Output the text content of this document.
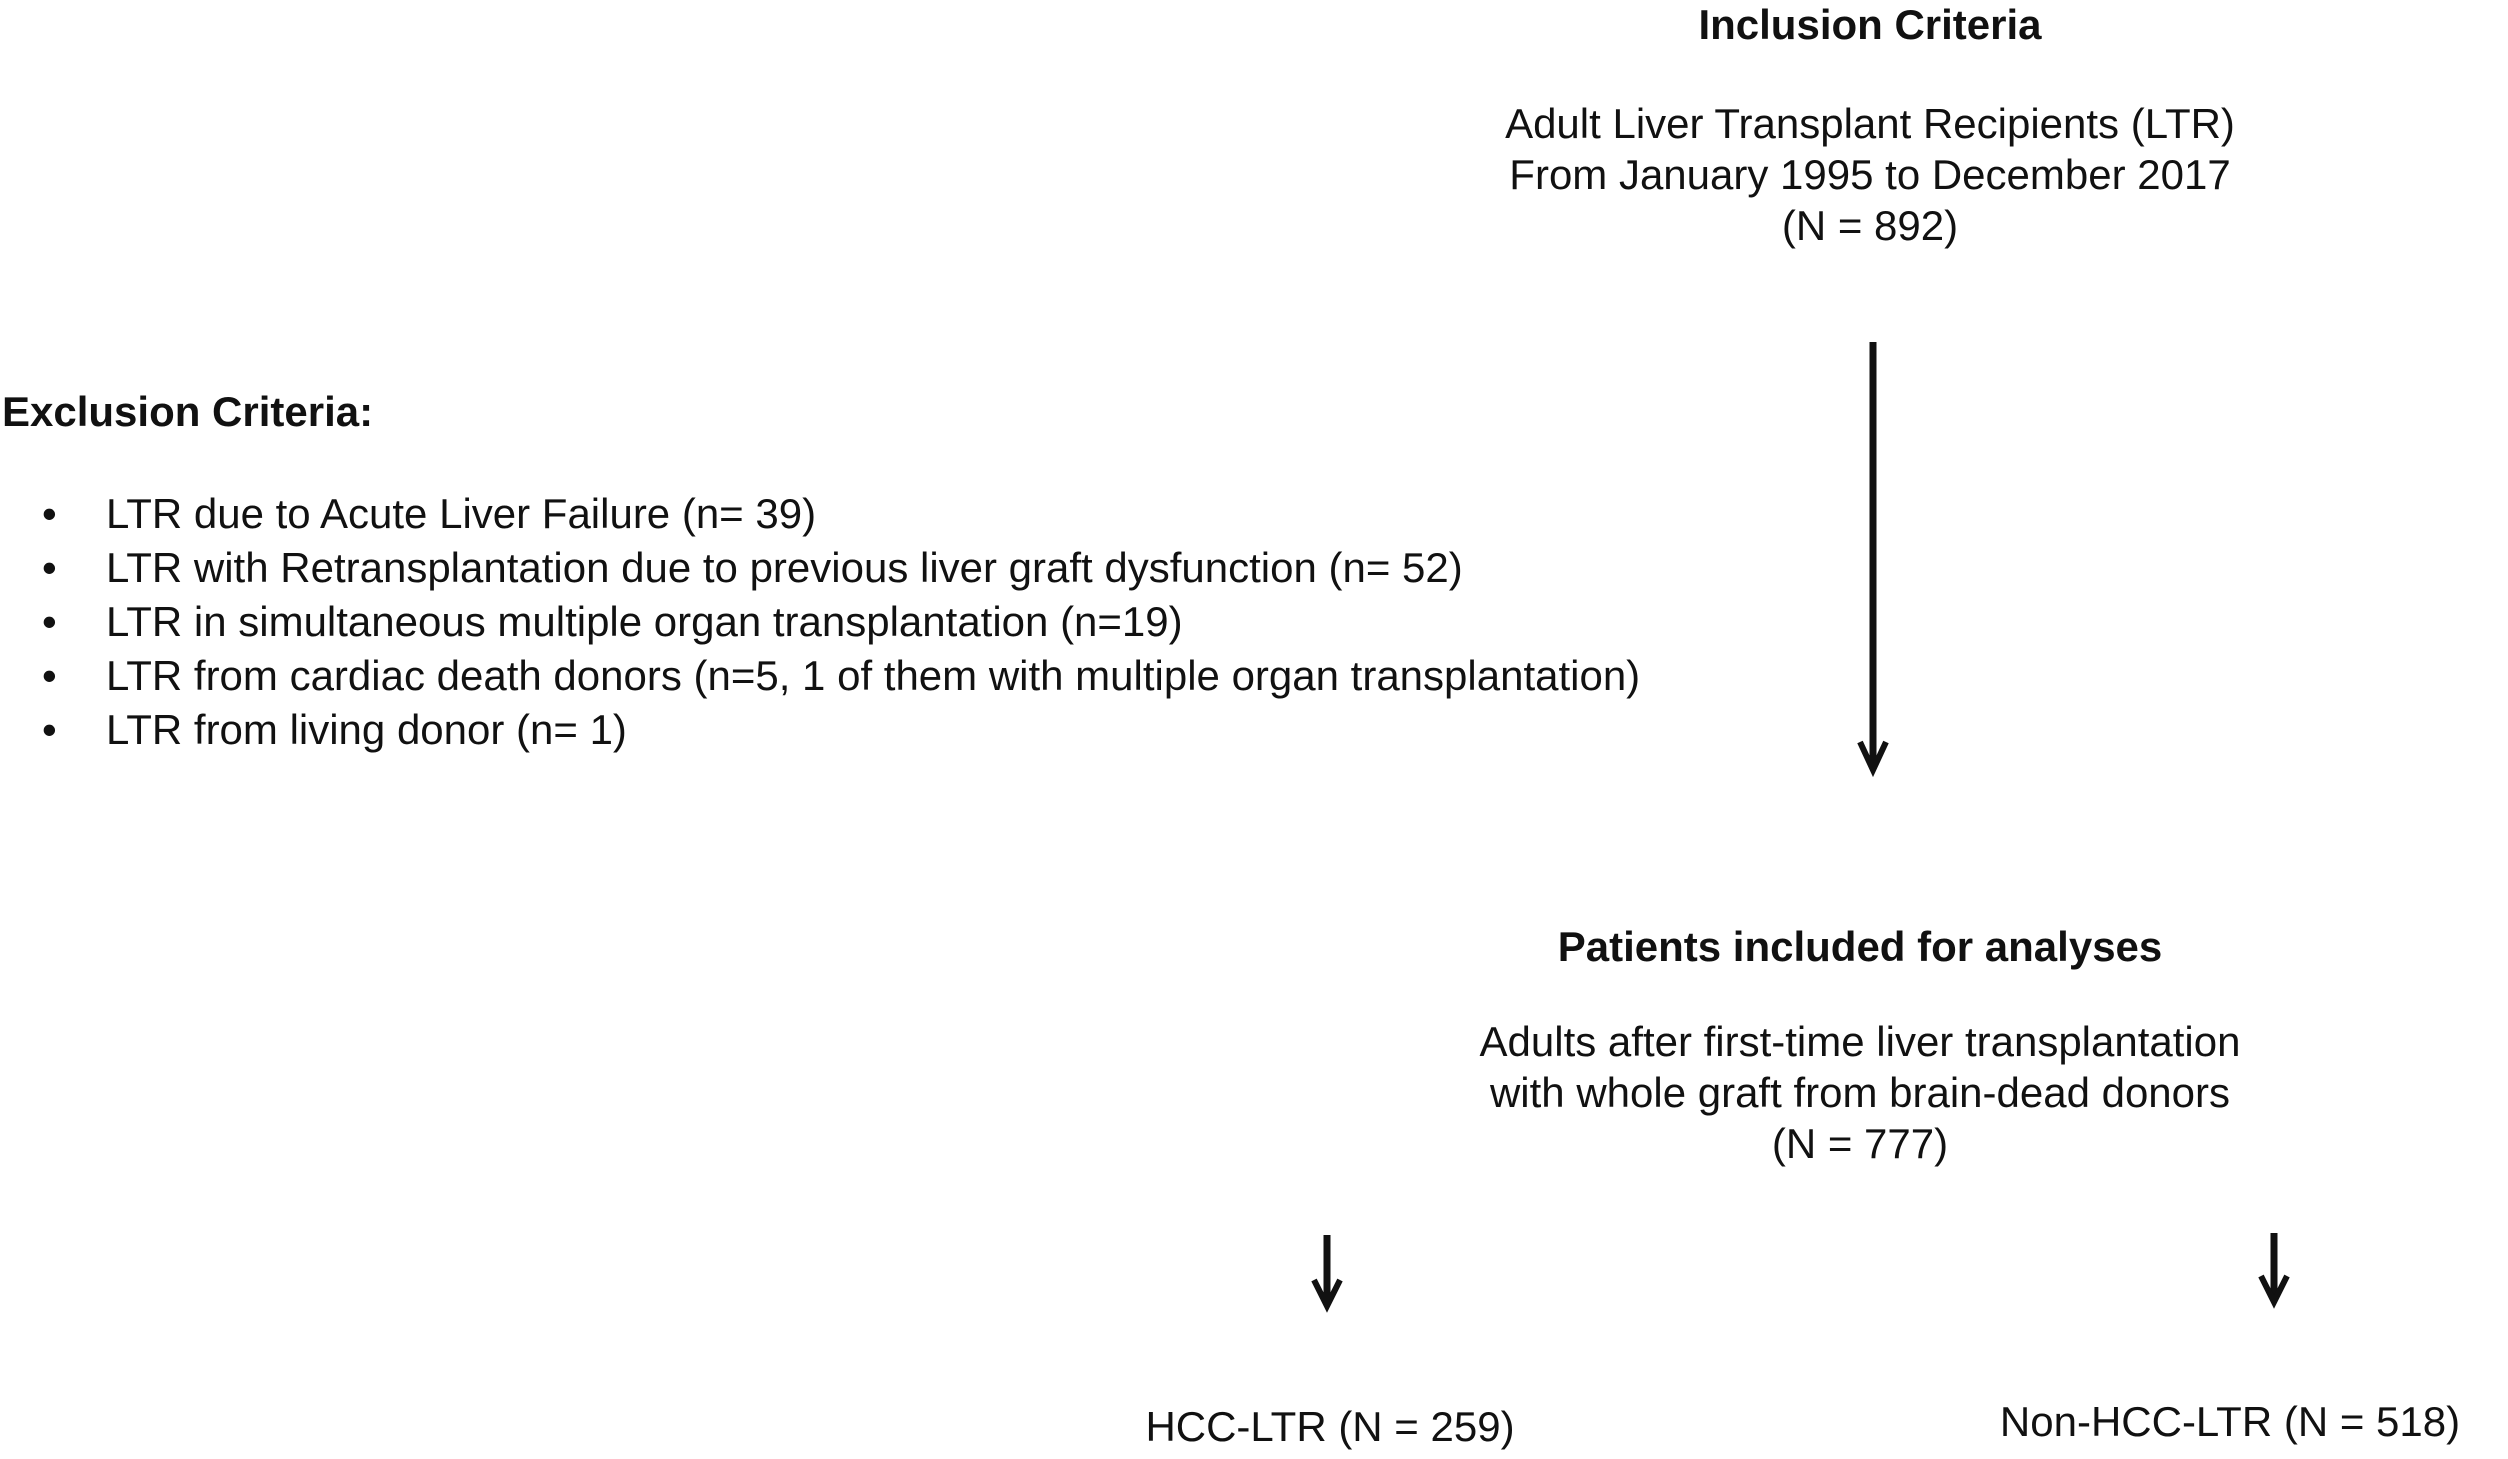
Inclusion Criteria
Adult Liver Transplant Recipients (LTR)
From January 1995 to December 2017
(N = 892)
Exclusion Criteria:
• LTR due to Acute Liver Failure (n= 39)
• LTR with Retransplantation due to previous liver graft dysfunction (n= 52)
• LTR in simultaneous multiple organ transplantation (n=19)
• LTR from cardiac death donors (n=5, 1 of them with multiple organ transplantation)
• LTR from living donor (n= 1)
Patients included for analyses
Adults after first-time liver transplantation
with whole graft from brain-dead donors
(N = 777)
HCC-LTR (N = 259)	Non-HCC-LTR (N = 518)
